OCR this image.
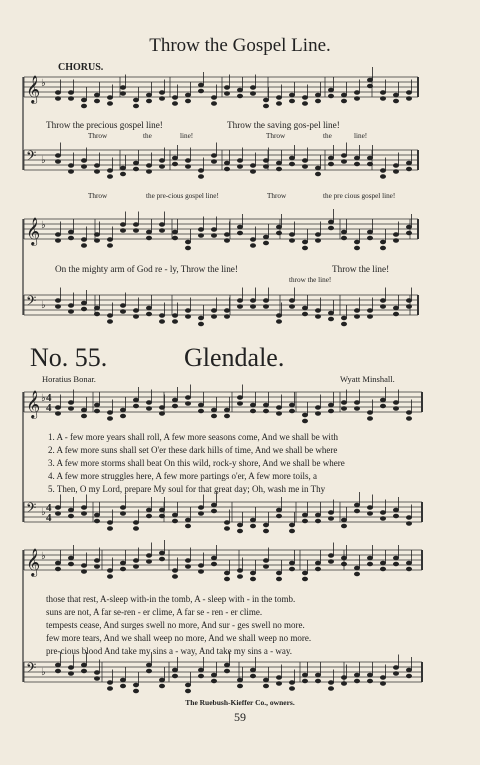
𝄞 ♭
𝄢 ♭
𝄞 ♭
𝄢 ♭
𝄞 ♭
𝄢 ♭
𝄞 ♭
𝄢 ♭
4
4
4
4
Throw the Gospel Line.
CHORUS.
Throw the precious gospel line!	Throw the saving gos-pel line!
Throw	the	line!	Throw	the	line!
Throw	the pre-cious gospel line!	Throw	the pre cious gospel line!
On the mighty arm of God re - ly, Throw the line!	Throw the line!
throw the line!
No. 55.	Glendale.
Horatius Bonar.	Wyatt Minshall.
1. A - few more years shall roll, A few more seasons come, And we shall be with
2. A few more suns shall set O'er these dark hills of time, And we shall be where
3. A few more storms shall beat On this wild, rock-y shore, And we shall be where
4. A few more struggles here, A few more partings o'er, A few more toils, a
5. Then, O my Lord, prepare My soul for that great day; Oh, wash me in Thy
those that rest, A-sleep with-in the tomb, A - sleep with - in the tomb.
suns are not, A far se-ren - er clime, A far se - ren - er clime.
tempests cease, And surges swell no more, And sur - ges swell no more.
few more tears, And we shall weep no more, And we shall weep no more.
pre-cious blood And take my sins a - way, And take my sins a - way.
The Ruebush-Kieffer Co., owners.
59
